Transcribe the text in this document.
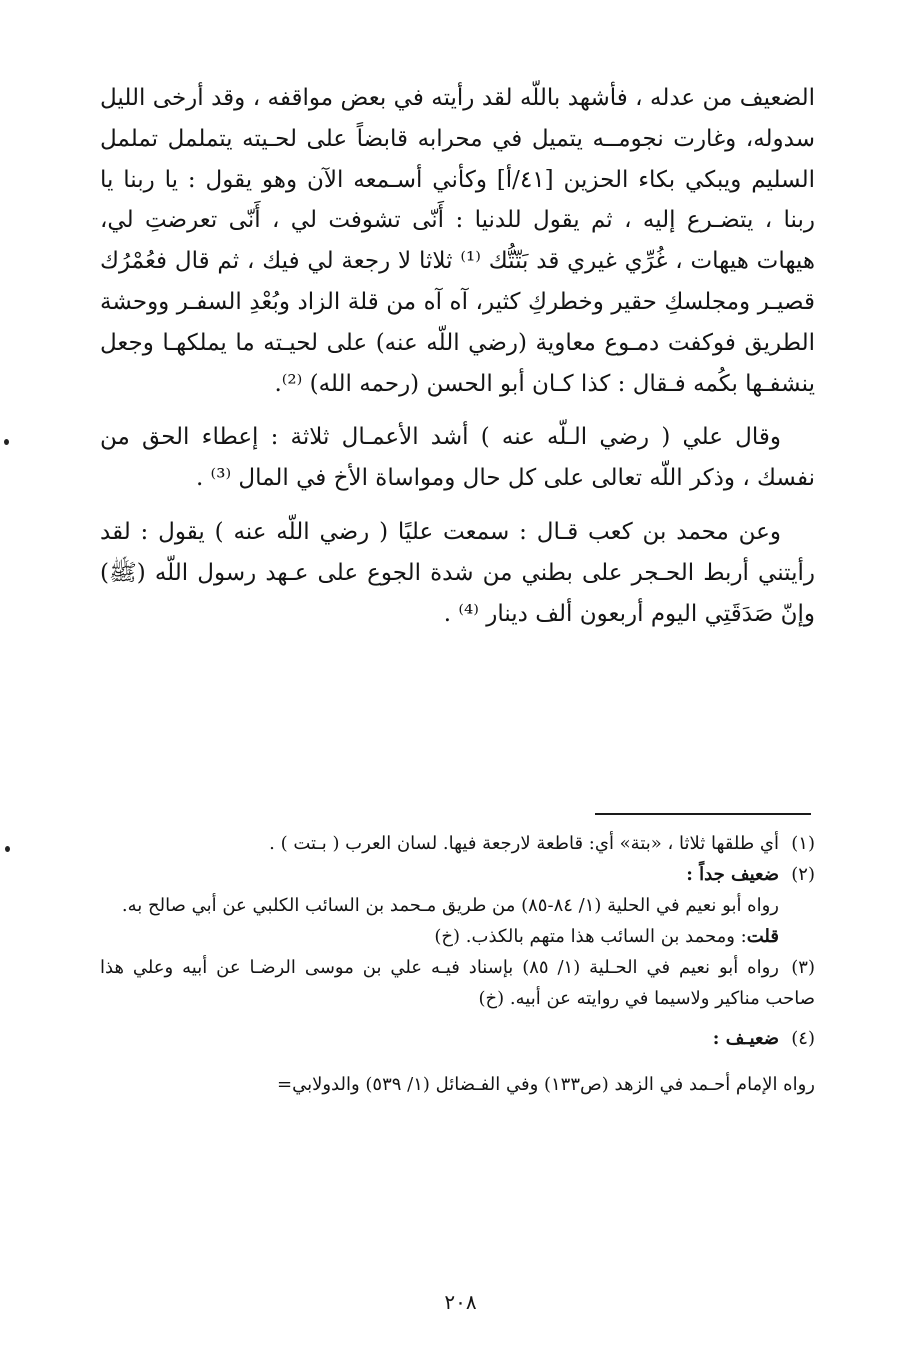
الضعيف من عدله ، فأشهد باللّه لقد رأيته في بعض مواقفه ، وقد أرخى الليل سدوله، وغارت نجومــه يتميل في محرابه قابضاً على لحـيته يتململ تململ السليم ويبكي بكاء الحزين [٤١/أ] وكأني أسـمعه الآن وهو يقول : يا ربنا يا ربنا ، يتضـرع إليه ، ثم يقول للدنيا : أَنّى تشوفت لي ، أَنّى تعرضتِ لي، هيهات هيهات ، غُرِّي غيري قد بَتّتُّك ⁽¹⁾ ثلاثا لا رجعة لي فيك ، ثم قال فعُمْرُك قصيـر ومجلسكِ حقير وخطركِ كثير، آه آه من قلة الزاد وبُعْدِ السفـر ووحشة الطريق فوكفت دمـوع معاوية (رضي اللّه عنه) على لحيـته ما يملكهـا وجعل ينشفـها بكُمه فـقال : كذا كـان أبو الحسن (رحمه الله) ⁽²⁾.

وقال علي ( رضي الـلّه عنه ) أشد الأعمـال ثلاثة : إعطاء الحق من نفسك ، وذكر اللّه تعالى على كل حال ومواساة الأخ في المال ⁽³⁾ .

وعن محمد بن كعب قـال : سمعت عليًا ( رضي اللّه عنه ) يقول : لقد رأيتني أربط الحـجر على بطني من شدة الجوع على عـهد رسول اللّه (ﷺ) وإنّ صَدَقَتِي اليوم أربعون ألف دينار ⁽⁴⁾ .

(١)أي طلقها ثلاثا ، «بتة» أي: قاطعة لارجعة فيها. لسان العرب ( بـتت ) .

(٢)ضعيف جداً :

رواه أبو نعيم في الحلية (١/ ٨٤-٨٥) من طريق مـحمد بن السائب الكلبي عن أبي صالح به.

قلت: ومحمد بن السائب هذا متهم بالكذب. (خ)

(٣)رواه أبو نعيم في الحـلية (١/ ٨٥) بإسناد فيـه علي بن موسى الرضـا عن أبيه وعلي هذا صاحب مناكير ولاسيما في روايته عن أبيه. (خ)

(٤)ضعيـف :

رواه الإمام أحـمد في الزهد (ص١٣٣) وفي الفـضائل (١/ ٥٣٩) والدولابي=

٢٠٨
